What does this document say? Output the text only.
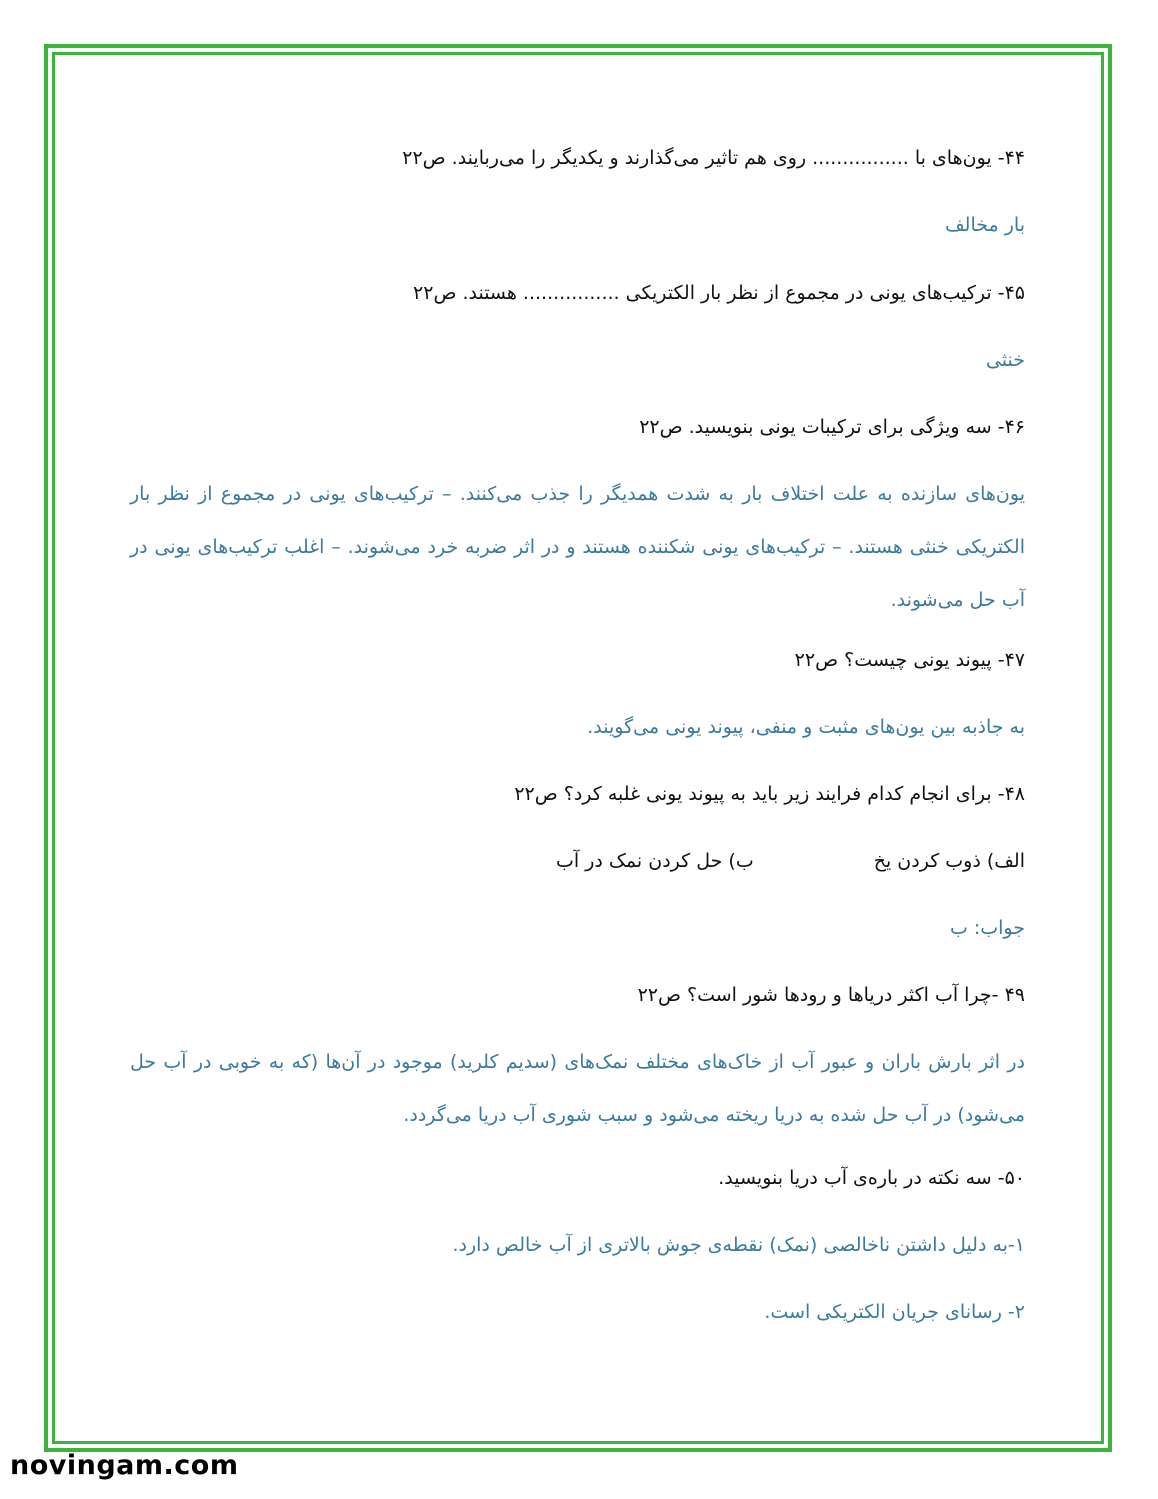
۴۴- یون‌های با ................ روی هم تاثیر می‌گذارند و یکدیگر را می‌ربایند. ص۲۲
بار مخالف
۴۵- ترکیب‌های یونی در مجموع از نظر بار الکتریکی ................ هستند. ص۲۲
خنثی
۴۶- سه ویژگی برای ترکیبات یونی بنویسید. ص۲۲
یون‌های سازنده به علت اختلاف بار به شدت همدیگر را جذب می‌کنند. – ترکیب‌های یونی در مجموع از نظر بار الکتریکی خنثی هستند. – ترکیب‌های یونی شکننده هستند و در اثر ضربه خرد می‌شوند. – اغلب ترکیب‌های یونی در آب حل می‌شوند.
۴۷- پیوند یونی چیست؟ ص۲۲
به جاذبه بین یون‌های مثبت و منفی، پیوند یونی می‌گویند.
۴۸- برای انجام کدام فرایند زیر باید به پیوند یونی غلبه کرد؟ ص۲۲
الف) ذوب کردن یخب) حل کردن نمک در آب
جواب: ب
۴۹ -چرا آب اکثر دریاها و رودها شور است؟ ص۲۲
در اثر بارش باران و عبور آب از خاک‌های مختلف نمک‌های (سدیم کلرید) موجود در آن‌ها (که به خوبی در آب حل می‌شود) در آب حل شده به دریا ریخته می‌شود و سبب شوری آب دریا می‌گردد.
۵۰- سه نکته در باره‌ی آب دریا بنویسید.
۱-به دلیل داشتن ناخالصی (نمک) نقطه‌ی جوش بالاتری از آب خالص دارد.
۲- رسانای جریان الکتریکی است.
novingam.com
